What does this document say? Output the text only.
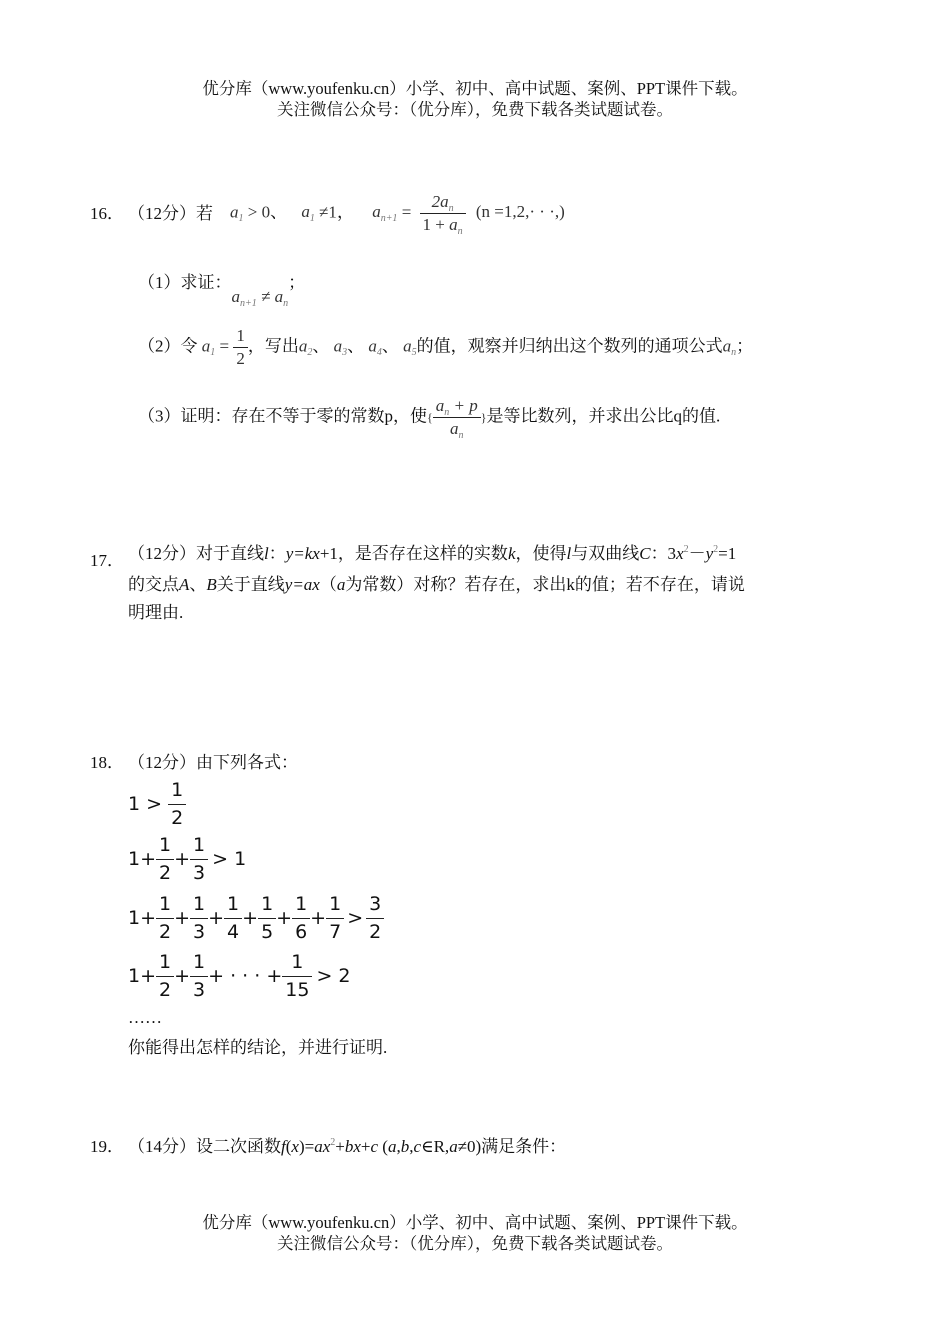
优分库（www.youfenku.cn）小学、初中、高中试题、案例、PPT课件下载。
关注微信公众号：（优分库），免费下载各类试题试卷。
16． （12分）若 $a_1 > 0$、 $a_1 \ne 1$， $a_{n+1} = \frac{2a_n}{1 + a_n} (n =1,2,\cdot$ · ·,)
（1）求证：$a_{n+1} \ne a_n$；
（2）令 $a_1 = \frac{1}{2}$ ，写出$a_2$、 $a_3$、 $a_4$、 $a_5$的值，观察并归纳出这个数列的通项公式$a_n$；
（3）证明：存在不等于零的常数p，使{ $\frac{a_n + p}{a_n}$ }是等比数列，并求出公比q的值.
17． （12分）对于直线l：y=kx+1，是否存在这样的实数k，使得l与双曲线C：$3x^2-y^2=1$
的交点A、B关于直线y=ax（a为常数）对称？若存在，求出k的值；若不存在，请说
明理由.
18． （12分）由下列各式：
$1 > \frac{1}{2}$
$1+ \frac{1}{2} + \frac{1}{3} > 1$
$1+ \frac{1}{2} + \frac{1}{3} + \frac{1}{4} + \frac{1}{5} + \frac{1}{6} + \frac{1}{7} > \frac{3}{2}$
$1+ \frac{1}{2} + \frac{1}{3}$ + · · · + $\frac{1}{15} > 2$
……
你能得出怎样的结论，并进行证明.
19． （14分）设二次函数$f(x)=ax^2+bx+c$ (a,b,c∈R,a≠0)满足条件：
优分库（www.youfenku.cn）小学、初中、高中试题、案例、PPT课件下载。
关注微信公众号：（优分库），免费下载各类试题试卷。
